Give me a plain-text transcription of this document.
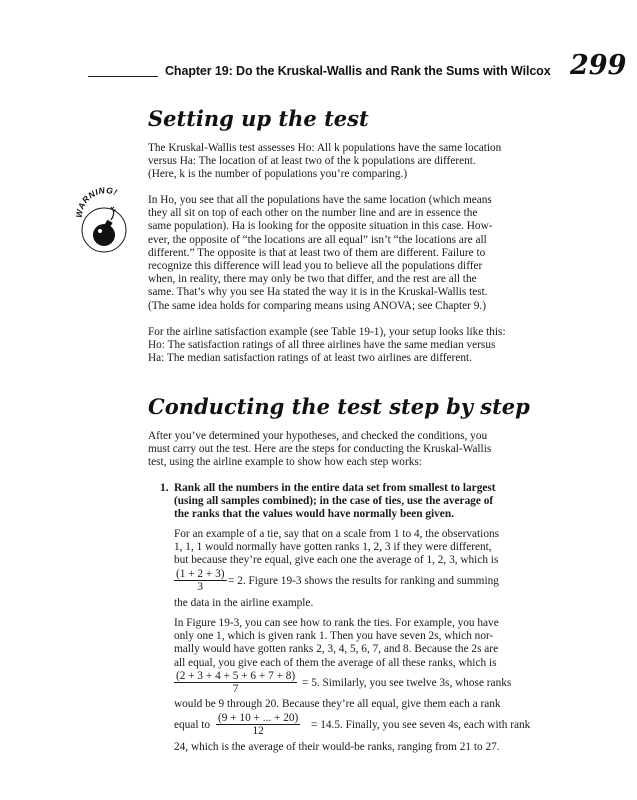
Chapter 19: Do the Kruskal-Wallis and Rank the Sums with Wilcox 299
Setting up the test
The Kruskal-Wallis test assesses Ho: All k populations have the same location
versus Ha: The location of at least two of the k populations are different.
(Here, k is the number of populations you’re comparing.)
ARNING!
In Ho, you see that all the populations have the same location (which means
they all sit on top of each other on the number line and are in essence the
same population). Ha is looking for the opposite situation in this case. How-
ever, the opposite of “the locations are all equal” isn’t “the locations are all
different.” The opposite is that at least two of them are different. Failure to
recognize this difference will lead you to believe all the populations differ
when, in reality, there may only be two that differ, and the rest are all the
same. That’s why you see Ha stated the way it is in the Kruskal-Wallis test.
(The same idea holds for comparing means using ANOVA; see Chapter 9.)
For the airline satisfaction example (see Table 19-1), your setup looks like this:
Ho: The satisfaction ratings of all three airlines have the same median versus
Ha: The median satisfaction ratings of at least two airlines are different.
Conducting the test step by step
After you’ve determined your hypotheses, and checked the conditions, you
must carry out the test. Here are the steps for conducting the Kruskal-Wallis
test, using the airline example to show how each step works:
1. Rank all the numbers in the entire data set from smallest to largest
(using all samples combined); in the case of ties, use the average of
the ranks that the values would have normally been given.
For an example of a tie, say that on a scale from 1 to 4, the observations
1, 1, 1 would normally have gotten ranks 1, 2, 3 if they were different,
but because they’re equal, give each one the average of 1, 2, 3, which is
(1 + 2 + 3)
3	= 2. Figure 19-3 shows the results for ranking and summing
the data in the airline example.
In Figure 19-3, you can see how to rank the ties. For example, you have
only one 1, which is given rank 1. Then you have seven 2s, which nor-
mally would have gotten ranks 2, 3, 4, 5, 6, 7, and 8. Because the 2s are
all equal, you give each of them the average of all these ranks, which is
(2 + 3 + 4 + 5 + 6 + 7 + 8)
7	= 5. Similarly, you see twelve 3s, whose ranks
would be 9 through 20. Because they’re all equal, give them each a rank
equal to
(9 + 10 + ... + 20)
12	= 14.5. Finally, you see seven 4s, each with rank
24, which is the average of their would-be ranks, ranging from 21 to 27.
